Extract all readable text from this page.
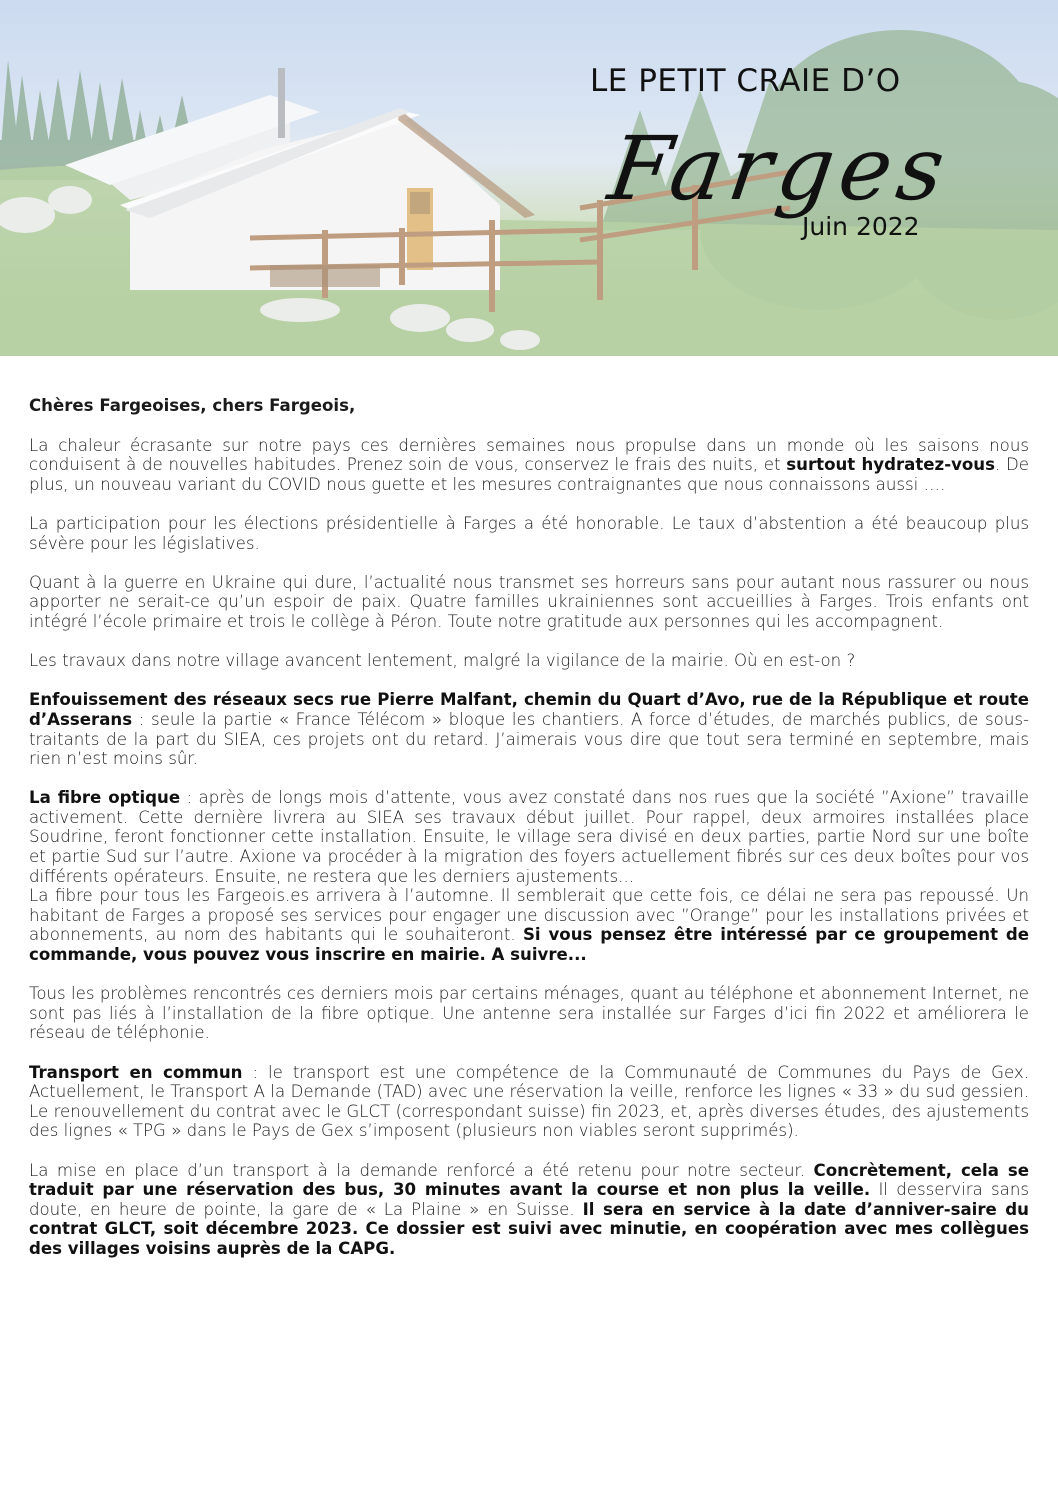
LE PETIT CRAIE D’O
Farges
Juin 2022

Chères Fargeoises, chers Fargeois,

La chaleur écrasante sur notre pays ces dernières semaines nous propulse dans un monde où les saisons nous conduisent à de nouvelles habitudes. Prenez soin de vous, conservez le frais des nuits, et surtout hydratez-vous. De plus, un nouveau variant du COVID nous guette et les mesures contraignantes que nous connaissons aussi ….

La participation pour les élections présidentielle à Farges a été honorable. Le taux d’abstention a été beaucoup plus sévère pour les législatives.

Quant à la guerre en Ukraine qui dure, l’actualité nous transmet ses horreurs sans pour autant nous rassurer ou nous apporter ne serait-ce qu’un espoir de paix. Quatre familles ukrainiennes sont accueillies à Farges. Trois enfants ont intégré l’école primaire et trois le collège à Péron. Toute notre gratitude aux personnes qui les accompagnent.

Les travaux dans notre village avancent lentement, malgré la vigilance de la mairie. Où en est-on ?

Enfouissement des réseaux secs rue Pierre Malfant, chemin du Quart d’Avo, rue de la République et route d’Asserans : seule la partie « France Télécom » bloque les chantiers. A force d’études, de marchés publics, de sous-traitants de la part du SIEA, ces projets ont du retard. J’aimerais vous dire que tout sera terminé en septembre, mais rien n’est moins sûr.

La fibre optique : après de longs mois d’attente, vous avez constaté dans nos rues que la société ”Axione” travaille activement. Cette dernière livrera au SIEA ses travaux début juillet. Pour rappel, deux armoires installées place Soudrine, feront fonctionner cette installation. Ensuite, le village sera divisé en deux parties, partie Nord sur une boîte et partie Sud sur l’autre. Axione va procéder à la migration des foyers actuellement fibrés sur ces deux boîtes pour vos différents opérateurs. Ensuite, ne restera que les derniers ajustements...

La fibre pour tous les Fargeois.es arrivera à l’automne. Il semblerait que cette fois, ce délai ne sera pas repoussé. Un habitant de Farges a proposé ses services pour engager une discussion avec ”Orange” pour les installations privées et abonnements, au nom des habitants qui le souhaiteront. Si vous pensez être intéressé par ce groupement de commande, vous pouvez vous inscrire en mairie. A suivre...

Tous les problèmes rencontrés ces derniers mois par certains ménages, quant au téléphone et abonnement Internet, ne sont pas liés à l’installation de la fibre optique. Une antenne sera installée sur Farges d’ici fin 2022 et améliorera le réseau de téléphonie.

Transport en commun : le transport est une compétence de la Communauté de Communes du Pays de Gex. Actuellement, le Transport A la Demande (TAD) avec une réservation la veille, renforce les lignes « 33 » du sud gessien. Le renouvellement du contrat avec le GLCT (correspondant suisse) fin 2023, et, après diverses études, des ajustements des lignes « TPG » dans le Pays de Gex s’imposent (plusieurs non viables seront supprimés).

La mise en place d’un transport à la demande renforcé a été retenu pour notre secteur. Concrètement, cela se traduit par une réservation des bus, 30 minutes avant la course et non plus la veille. Il desservira sans doute, en heure de pointe, la gare de « La Plaine » en Suisse. Il sera en service à la date d’anniver-saire du contrat GLCT, soit décembre 2023. Ce dossier est suivi avec minutie, en coopération avec mes collègues des villages voisins auprès de la CAPG.
